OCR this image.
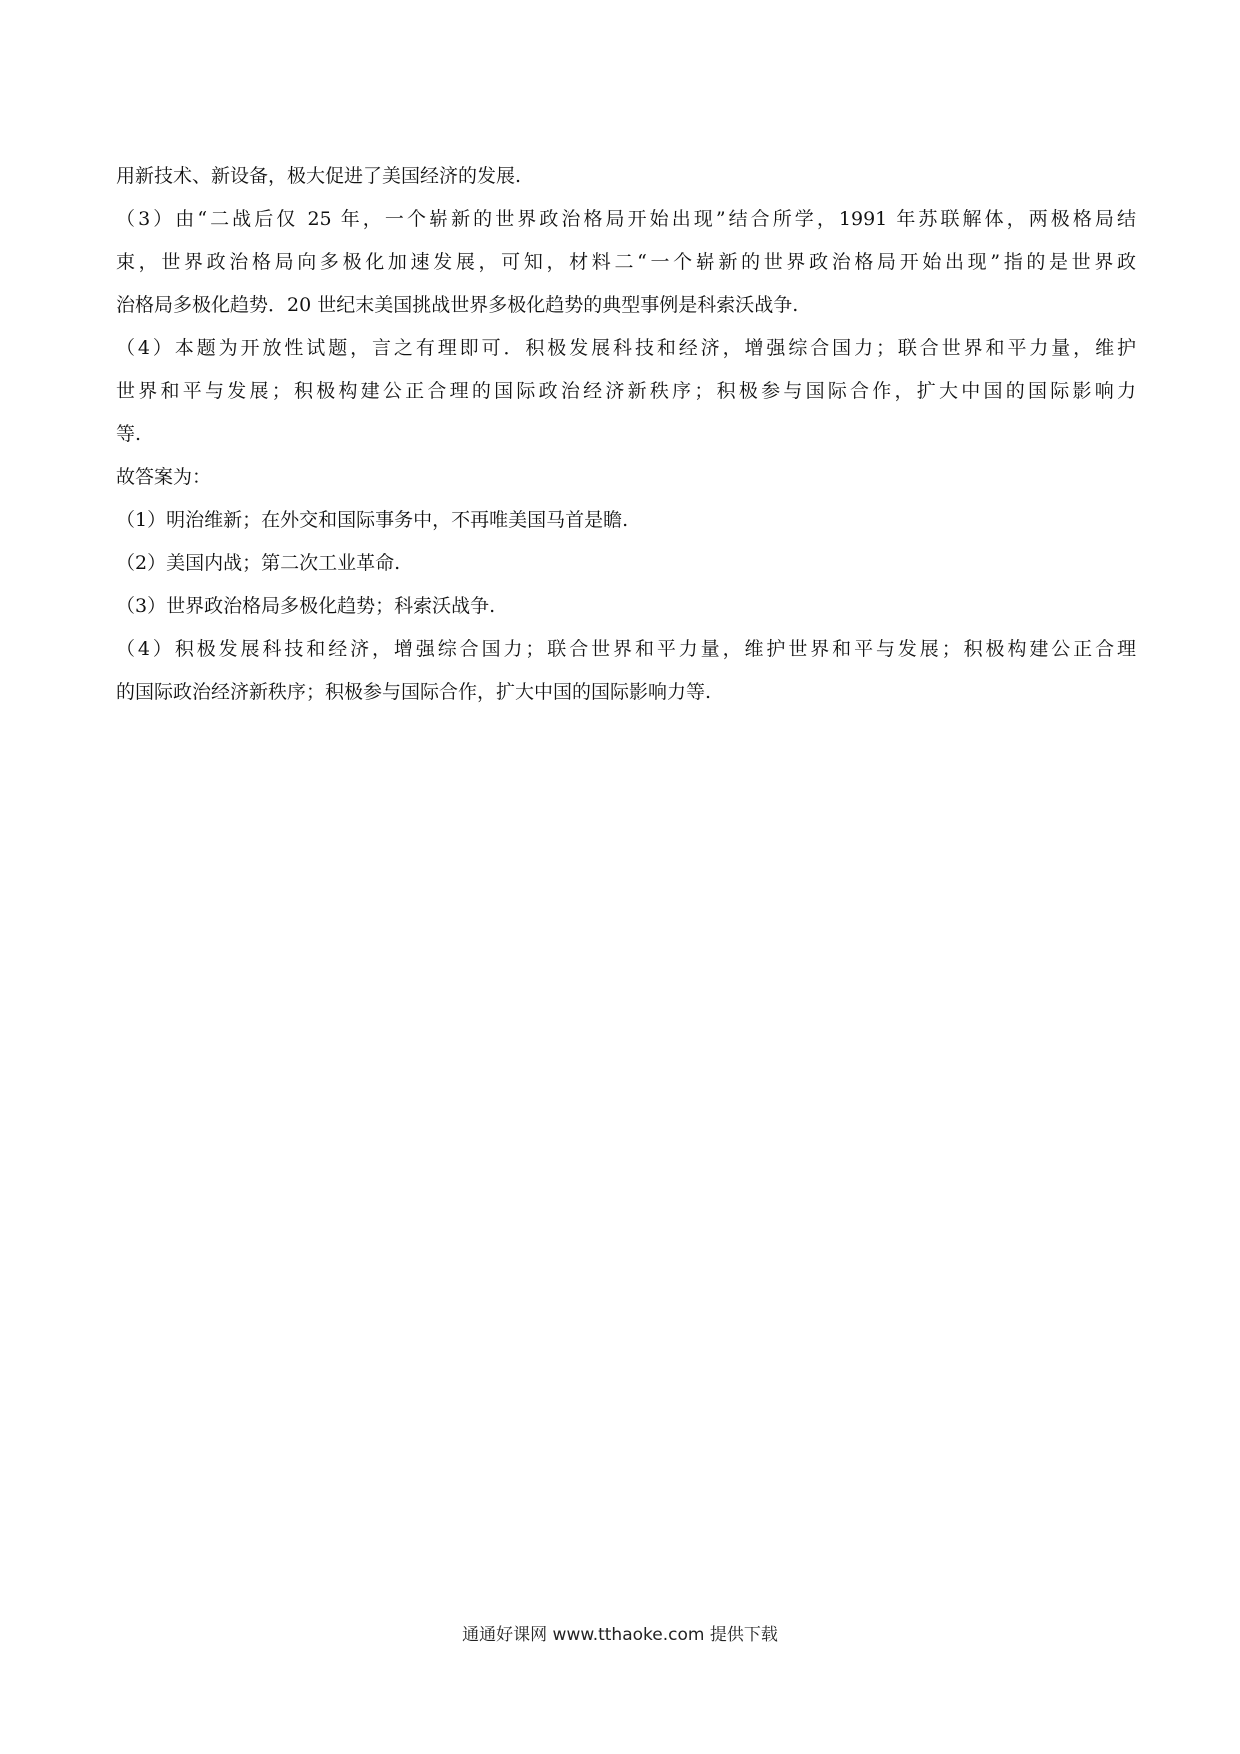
用新技术、新设备，极大促进了美国经济的发展.
（3）由“二战后仅 25 年，一个崭新的世界政治格局开始出现”结合所学，1991 年苏联解体，两极格局结
束，世界政治格局向多极化加速发展，可知，材料二“一个崭新的世界政治格局开始出现”指的是世界政
治格局多极化趋势．20 世纪末美国挑战世界多极化趋势的典型事例是科索沃战争.
（4）本题为开放性试题，言之有理即可．积极发展科技和经济，增强综合国力；联合世界和平力量，维护
世界和平与发展；积极构建公正合理的国际政治经济新秩序；积极参与国际合作，扩大中国的国际影响力
等.
故答案为：
（1）明治维新；在外交和国际事务中，不再唯美国马首是瞻.
（2）美国内战；第二次工业革命.
（3）世界政治格局多极化趋势；科索沃战争.
（4）积极发展科技和经济，增强综合国力；联合世界和平力量，维护世界和平与发展；积极构建公正合理
的国际政治经济新秩序；积极参与国际合作，扩大中国的国际影响力等.
通通好课网 www.tthaoke.com 提供下载
